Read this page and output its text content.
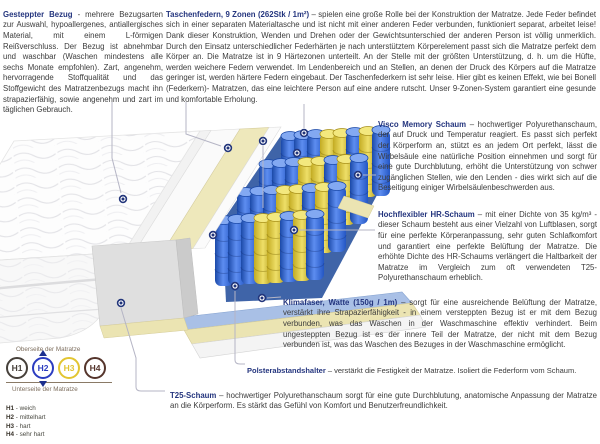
Gesteppter Bezug - mehrere Bezugsarten zur Auswahl, hypoallergenes, antiallergisches Material, mit einem L-förmigen Reißverschluss. Der Bezug ist abnehmbar und waschbar (Waschen mindestens alle sechs Monate empfohlen). Zart, angenehm, hervorragende Stoffqualität und das Stoffgewicht des Matratzenbezugs macht ihn strapazierfähig, sowie angenehm und zart im täglichen Gebrauch.

Taschenfedern, 9 Zonen (262Stk / 1m²) – spielen eine große Rolle bei der Konstruktion der Matratze. Jede Feder befindet sich in einer separaten Materialtasche und ist nicht mit einer anderen Feder verbunden, funktioniert separat, arbeitet leise! Dank dieser Konstruktion, Wenden und Drehen oder der Gewichtsunterschied der anderen Person ist völlig unmerklich. Durch den Einsatz unterschiedlicher Federhärten je nach unterstütztem Körperelement passt sich die Matratze perfekt dem Körper an. Die Matratze ist in 9 Härtezonen unterteilt. An der Stelle mit der größten Unterstützung, d. h. um die Hüfte, werden weichere Federn verwendet. Im Lendenbereich und an Stellen, an denen der Druck des Körpers auf die Matratze geringer ist, werden härtere Federn eingebaut. Der Taschenfederkern ist sehr leise. Hier gibt es keinen Effekt, wie bei Bonell (Federkern)- Matratzen, das eine leichtere Person auf eine andere rutscht. Unser 9-Zonen-System garantiert eine gesunde und komfortable Erholung.

Visco Memory Schaum – hochwertiger Polyurethanschaum, der auf Druck und Temperatur reagiert. Es passt sich perfekt der Körperform an, stützt es an jedem Ort perfekt, lässt die Wirbelsäule eine natürliche Position einnehmen und sorgt für eine gute Durchblutung, erhöht die Unterstützung von schwer zugänglichen Stellen, wie den Lenden - dies wirkt sich auf die Beseitigung einiger Wirbelsäulenbeschwerden aus.

Hochflexibler HR-Schaum – mit einer Dichte von 35 kg/m³ - dieser Schaum besteht aus einer Vielzahl von Luftblasen, sorgt für eine perfekte Körperanpassung, sehr guten Schlafkomfort und garantiert eine perfekte Belüftung der Matratze. Die erhöhte Dichte des HR-Schaums verlängert die Haltbarkeit der Matratze im Vergleich zum oft verwendeten T25-Polyurethanschaum erheblich.

Klimafaser, Watte (150g / 1m) – sorgt für eine ausreichende Belüftung der Matratze, verstärkt ihre Strapazierfähigkeit - in einem versteppten Bezug ist er mit dem Bezug verbunden, was das Waschen in der Waschmaschine effektiv verhindert. Beim ungesteppten Bezug ist es der innere Teil der Matratze, der nicht mit dem Bezug verbunden ist, was das Waschen des Bezuges in der Waschmaschine ermöglicht.

Polsterabstandshalter – verstärkt die Festigkeit der Matratze. Isoliert die Federform vom Schaum.

T25-Schaum – hochwertiger Polyurethanschaum sorgt für eine gute Durchblutung, anatomische Anpassung der Matratze an die Körperform. Es stärkt das Gefühl von Komfort und Benutzerfreundlichkeit.

Oberseite der Matratze
H1	H2	H3	H4
Unterseite der Matratze
H1 - weich
H2 - mittelhart
H3 - hart
H4 - sehr hart
